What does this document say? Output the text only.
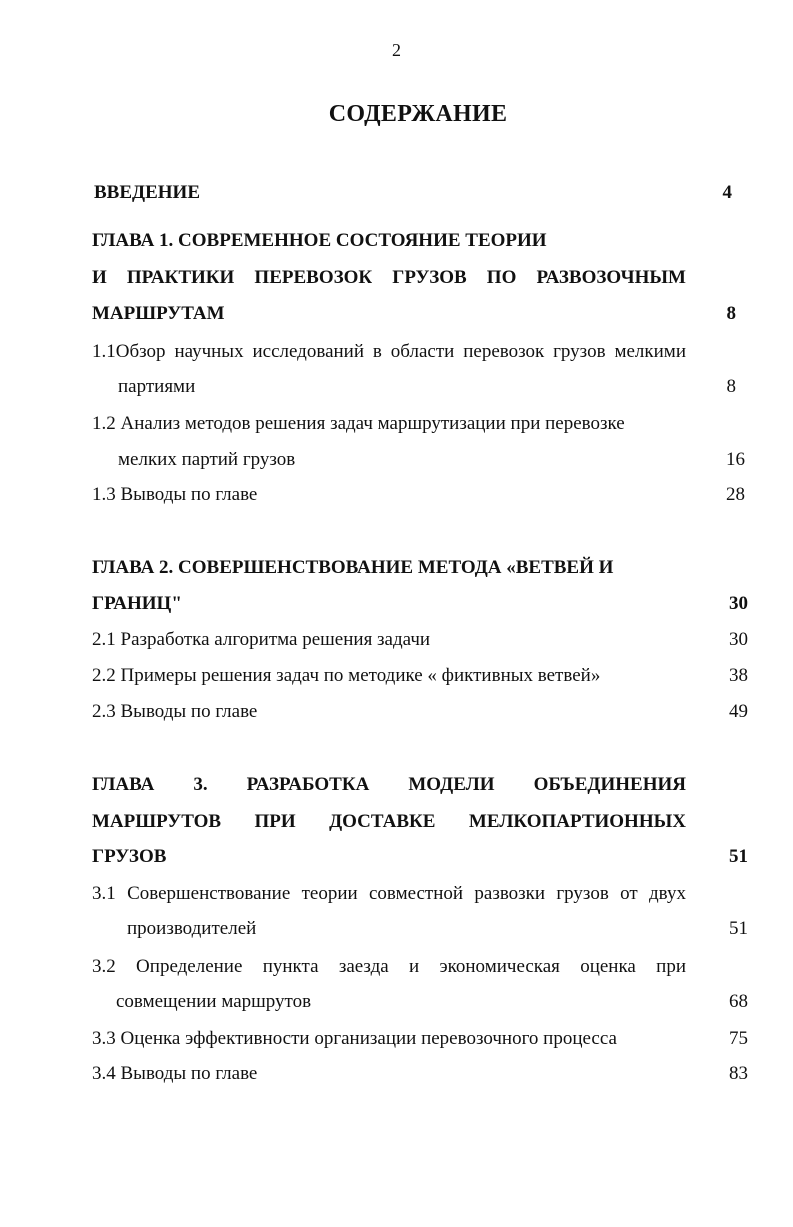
2
СОДЕРЖАНИЕ
ВВЕДЕНИЕ	4
ГЛАВА 1. СОВРЕМЕННОЕ СОСТОЯНИЕ ТЕОРИИ
И ПРАКТИКИ ПЕРЕВОЗОК ГРУЗОВ ПО РАЗВОЗОЧНЫМ
МАРШРУТАМ	8
1.1Обзор научных исследований в области перевозок грузов мелкими
партиями	8
1.2 Анализ методов решения задач маршрутизации при перевозке
мелких партий грузов	16
1.3 Выводы по главе	28
ГЛАВА 2. СОВЕРШЕНСТВОВАНИЕ МЕТОДА «ВЕТВЕЙ И
ГРАНИЦ"	30
2.1 Разработка алгоритма решения задачи	30
2.2 Примеры решения задач по методике « фиктивных ветвей»	38
2.3 Выводы по главе	49
ГЛАВА 3. РАЗРАБОТКА МОДЕЛИ ОБЪЕДИНЕНИЯ
МАРШРУТОВ ПРИ ДОСТАВКЕ МЕЛКОПАРТИОННЫХ
ГРУЗОВ	51
3.1 Совершенствование теории совместной развозки грузов от двух
производителей	51
3.2 Определение пункта заезда и экономическая оценка при
совмещении маршрутов	68
3.3 Оценка эффективности организации перевозочного процесса	75
3.4 Выводы по главе	83
